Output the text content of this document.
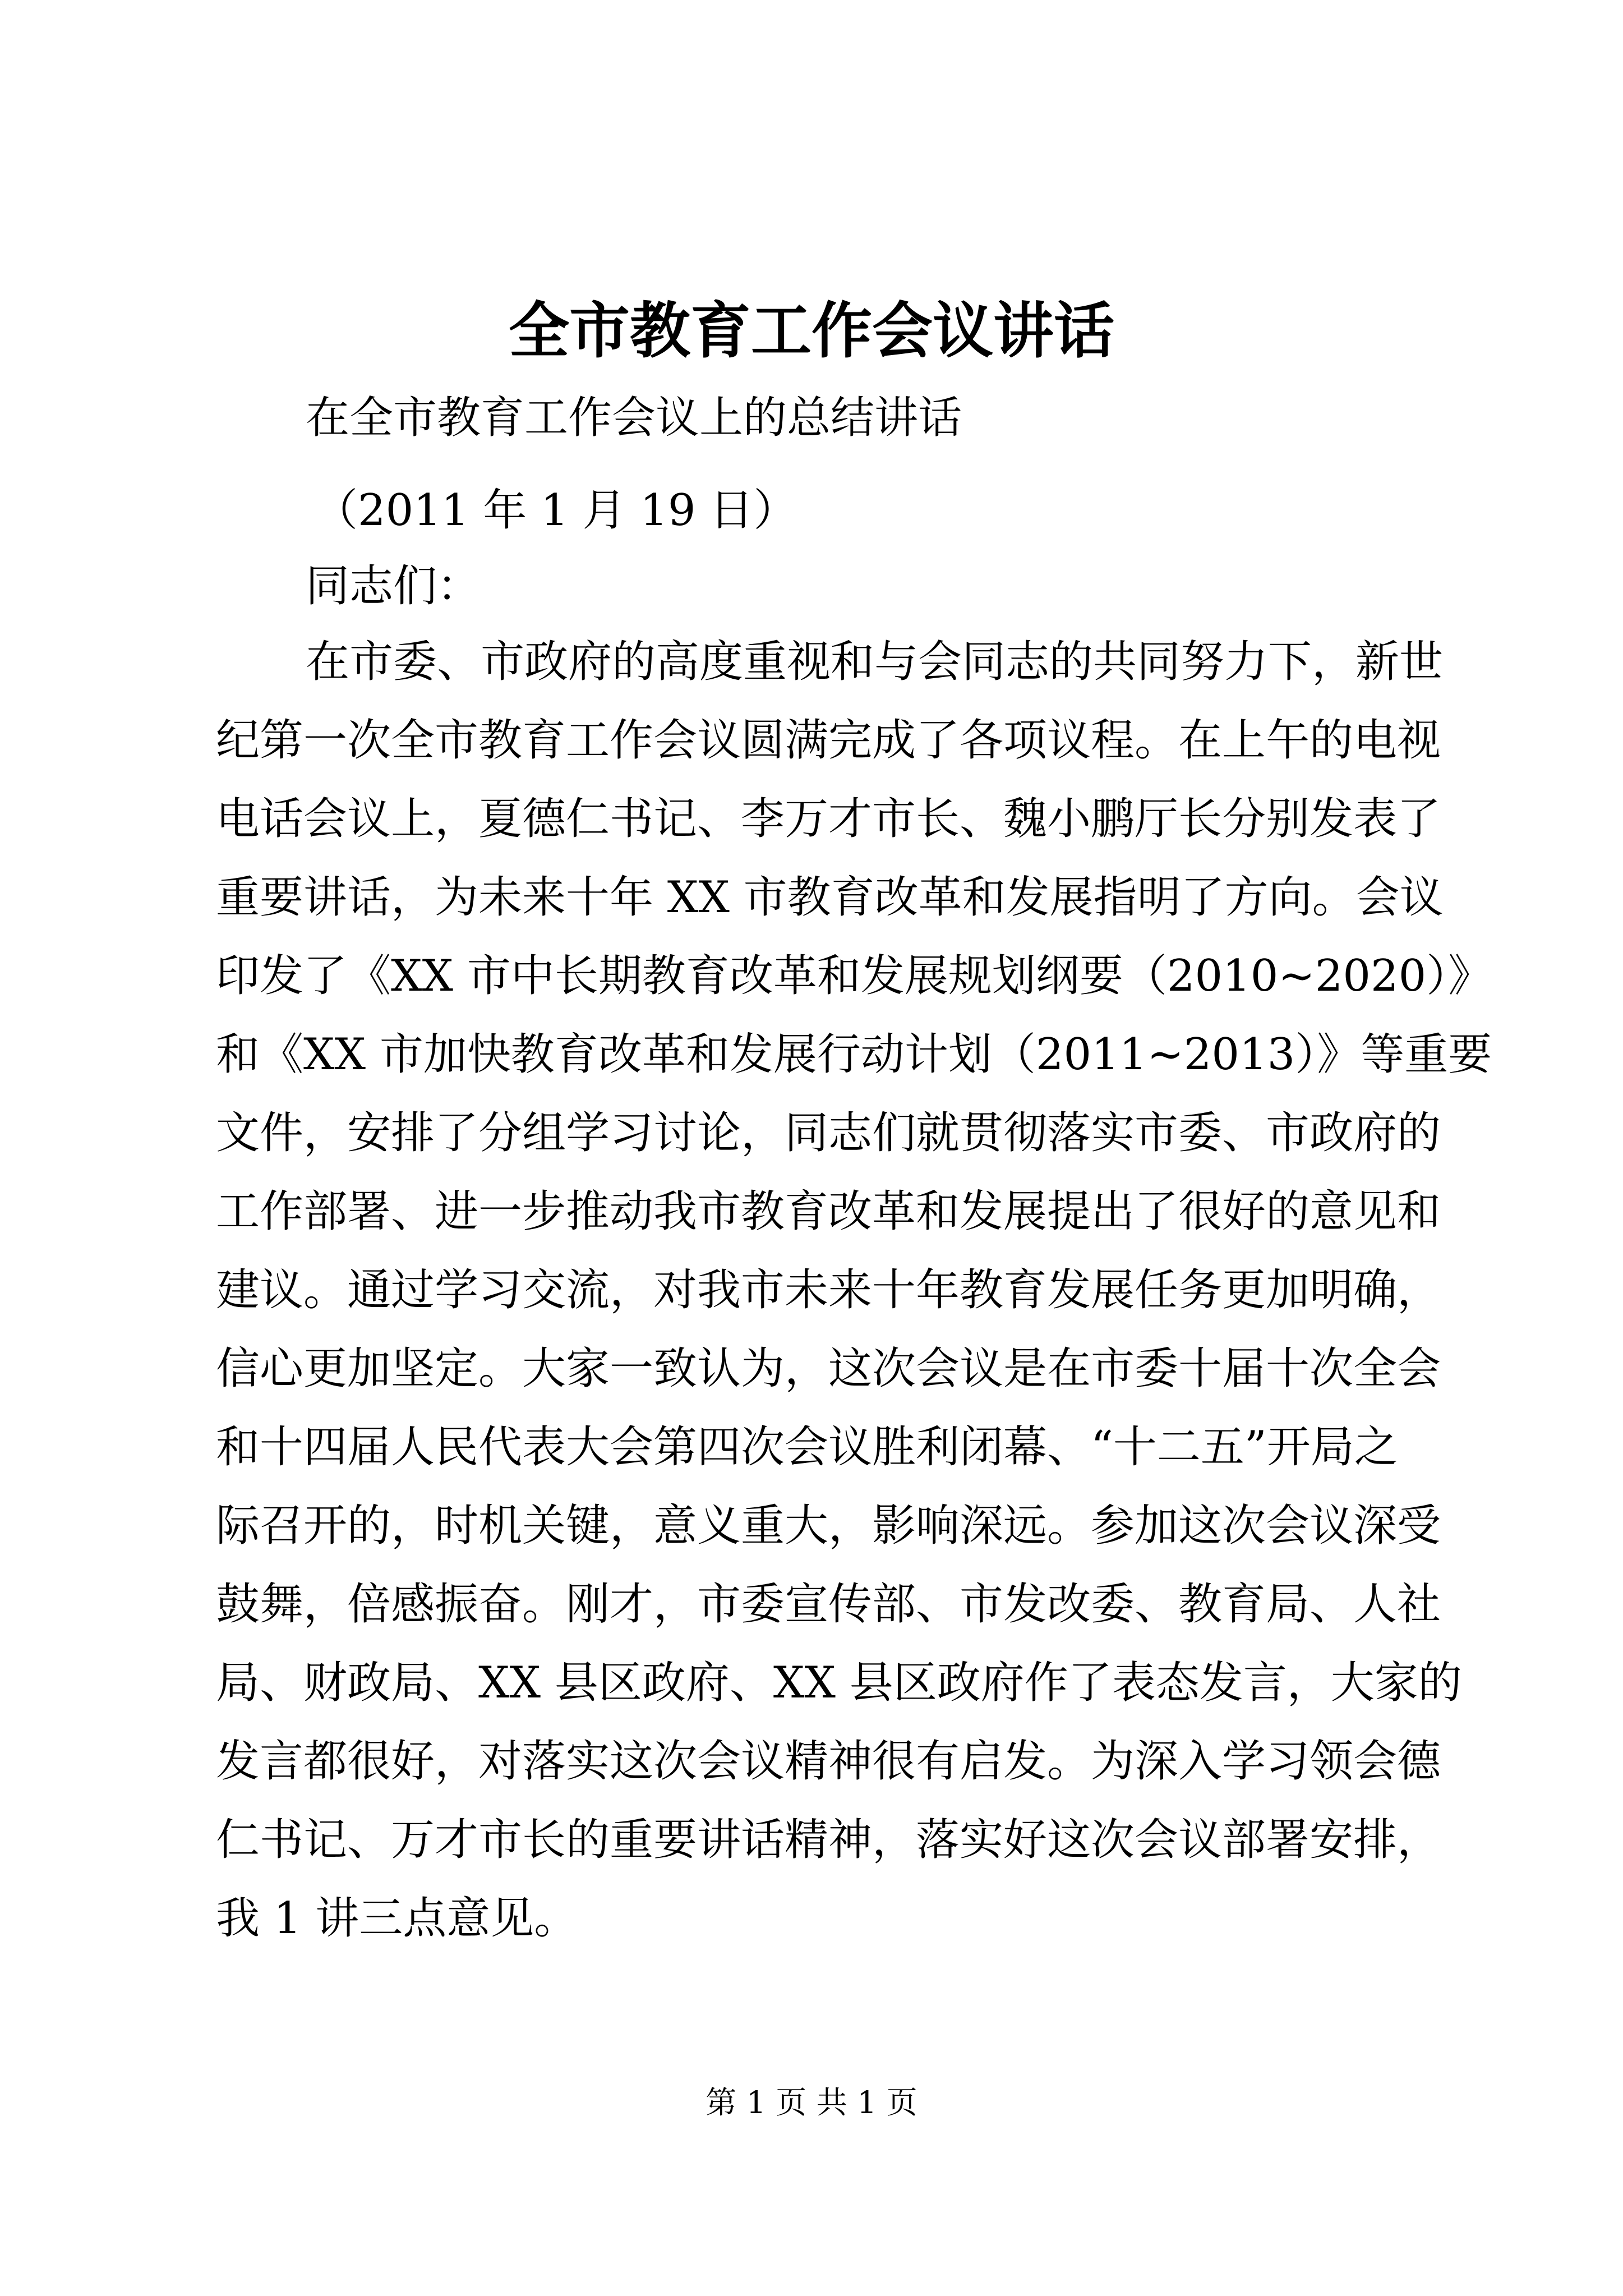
全市教育工作会议讲话
在全市教育工作会议上的总结讲话
（2011 年 1 月 19 日）
同志们：
在市委、市政府的高度重视和与会同志的共同努力下，新世
纪第一次全市教育工作会议圆满完成了各项议程。在上午的电视
电话会议上，夏德仁书记、李万才市长、魏小鹏厅长分别发表了
重要讲话，为未来十年 XX 市教育改革和发展指明了方向。会议
印发了《XX 市中长期教育改革和发展规划纲要（2010~2020）》
和《XX 市加快教育改革和发展行动计划（2011~2013）》等重要
文件，安排了分组学习讨论，同志们就贯彻落实市委、市政府的
工作部署、进一步推动我市教育改革和发展提出了很好的意见和
建议。通过学习交流，对我市未来十年教育发展任务更加明确，
信心更加坚定。大家一致认为，这次会议是在市委十届十次全会
和十四届人民代表大会第四次会议胜利闭幕、“十二五”开局之
际召开的，时机关键，意义重大，影响深远。参加这次会议深受
鼓舞，倍感振奋。刚才，市委宣传部、市发改委、教育局、人社
局、财政局、XX 县区政府、XX 县区政府作了表态发言，大家的
发言都很好，对落实这次会议精神很有启发。为深入学习领会德
仁书记、万才市长的重要讲话精神，落实好这次会议部署安排，
我 1 讲三点意见。
第 1 页 共 1 页
